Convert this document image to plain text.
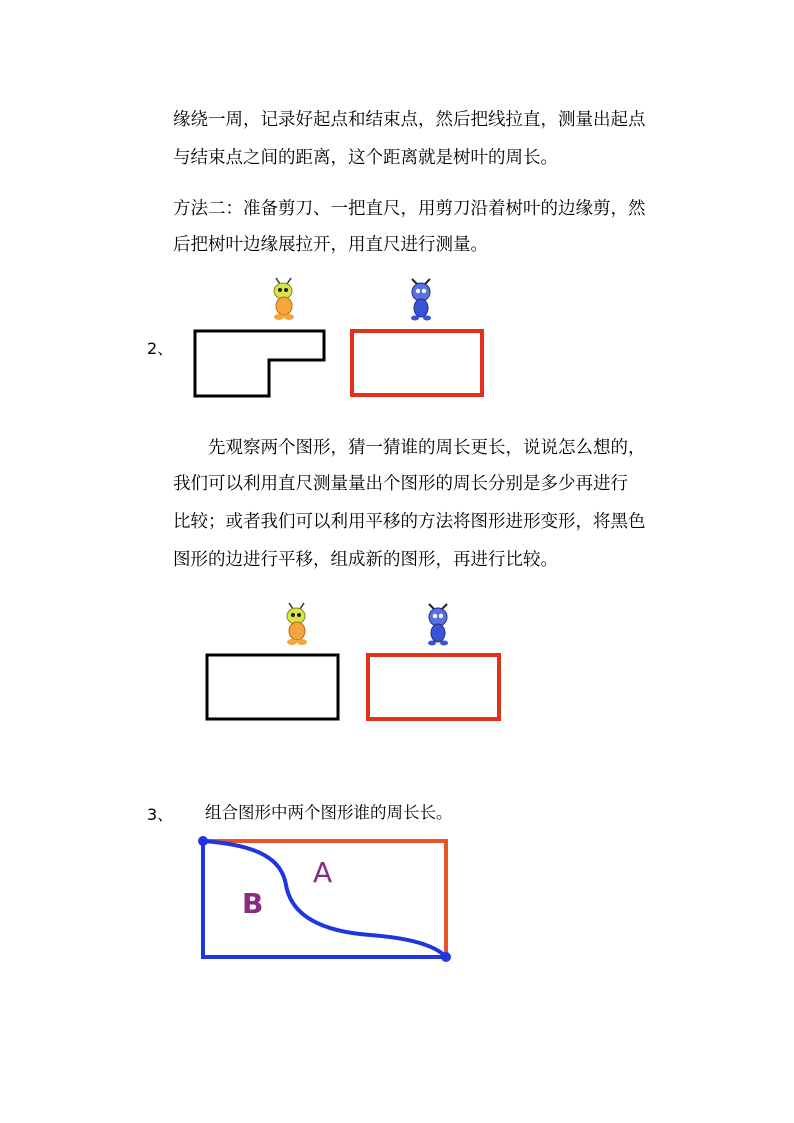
缘绕一周，记录好起点和结束点，然后把线拉直，测量出起点
与结束点之间的距离，这个距离就是树叶的周长。
方法二：准备剪刀、一把直尺，用剪刀沿着树叶的边缘剪，然
后把树叶边缘展拉开，用直尺进行测量。
2、
先观察两个图形，猜一猜谁的周长更长，说说怎么想的，
我们可以利用直尺测量量出个图形的周长分别是多少再进行
比较；或者我们可以利用平移的方法将图形进形变形，将黑色
图形的边进行平移，组成新的图形，再进行比较。
3、 组合图形中两个图形谁的周长长。
A
B
